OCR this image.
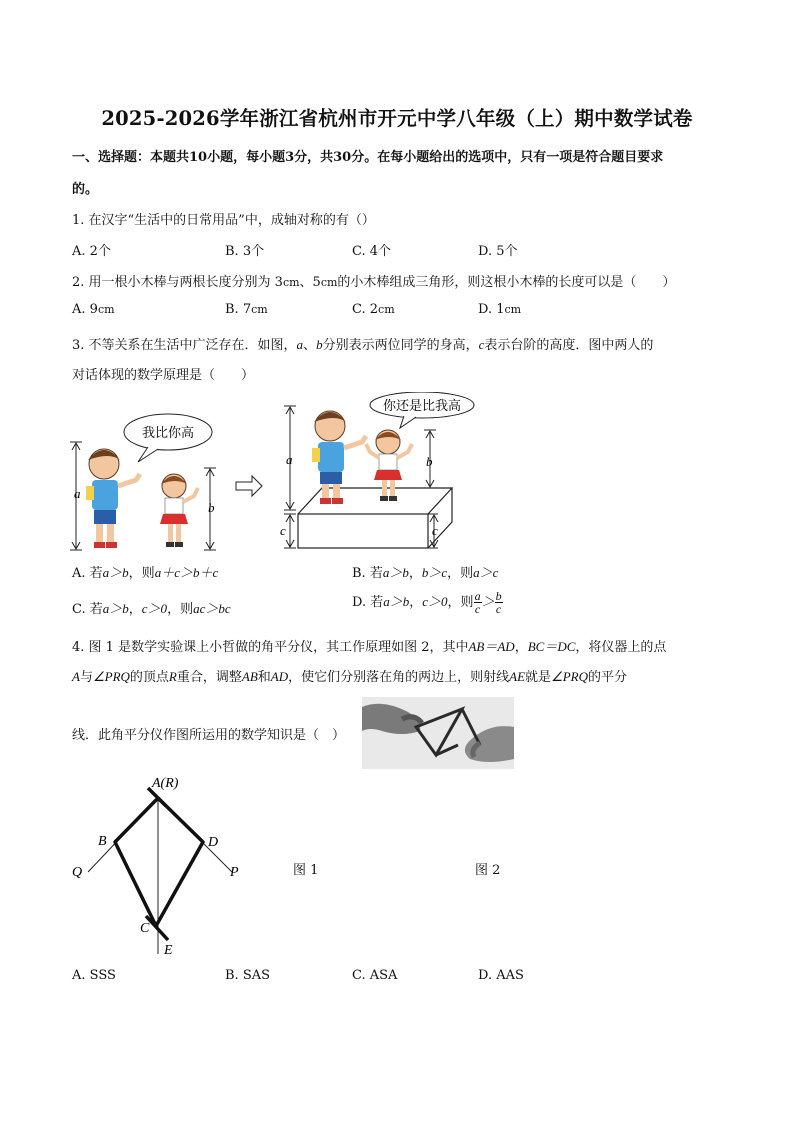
2025-2026学年浙江省杭州市开元中学八年级（上）期中数学试卷
一、选择题：本题共10小题，每小题3分，共30分。在每小题给出的选项中，只有一项是符合题目要求
的。
1. 在汉字“生活中的日常用品”中，成轴对称的有（）
A. 2个	B. 3个	C. 4个	D. 5个
2. 用一根小木棒与两根长度分别为 3cm、5cm的小木棒组成三角形，则这根小木棒的长度可以是（　　）
A. 9cm	B. 7cm	C. 2cm	D. 1cm
3. 不等关系在生活中广泛存在．如图，a、b分别表示两位同学的身高，c表示台阶的高度．图中两人的
对话体现的数学原理是（　　）
我比你高
a
b
a
c
你还是比我高
b
c
A. 若a＞b，则a＋c＞b＋c	B. 若a＞b，b＞c，则a＞c
C. 若a＞b，c＞0，则ac＞bc	D. 若a＞b，c＞0，则 $\frac{a}{c} > \frac{b}{c}$
4. 图 1 是数学实验课上小哲做的角平分仪，其工作原理如图 2，其中AB＝AD，BC＝DC，将仪器上的点
A与∠PRQ的顶点R重合，调整AB和AD，使它们分别落在角的两边上，则射线AE就是∠PRQ的平分
线．此角平分仪作图所运用的数学知识是（　）
A(R)
B	D
Q	P
C
E
图 1	图 2
A. SSS	B. SAS	C. ASA	D. AAS
